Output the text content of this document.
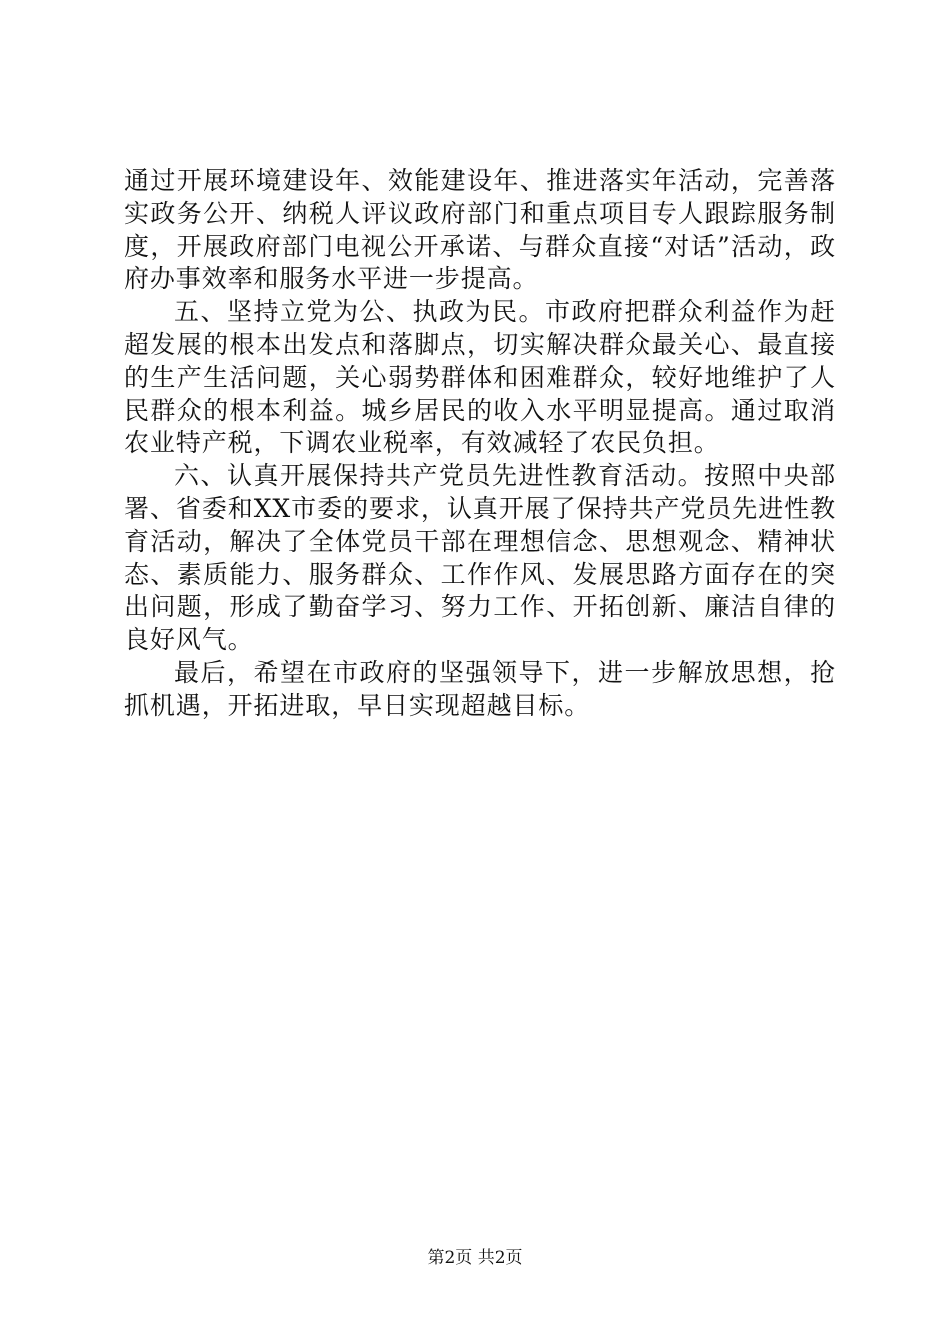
通过开展环境建设年、效能建设年、推进落实年活动，完善落实政务公开、纳税人评议政府部门和重点项目专人跟踪服务制度，开展政府部门电视公开承诺、与群众直接“对话”活动，政府办事效率和服务水平进一步提高。

五、坚持立党为公、执政为民。市政府把群众利益作为赶超发展的根本出发点和落脚点，切实解决群众最关心、最直接的生产生活问题，关心弱势群体和困难群众，较好地维护了人民群众的根本利益。城乡居民的收入水平明显提高。通过取消农业特产税，下调农业税率，有效减轻了农民负担。

六、认真开展保持共产党员先进性教育活动。按照中央部署、省委和XX市委的要求，认真开展了保持共产党员先进性教育活动，解决了全体党员干部在理想信念、思想观念、精神状态、素质能力、服务群众、工作作风、发展思路方面存在的突出问题，形成了勤奋学习、努力工作、开拓创新、廉洁自律的良好风气。

最后，希望在市政府的坚强领导下，进一步解放思想，抢抓机遇，开拓进取，早日实现超越目标。

第2页 共2页
